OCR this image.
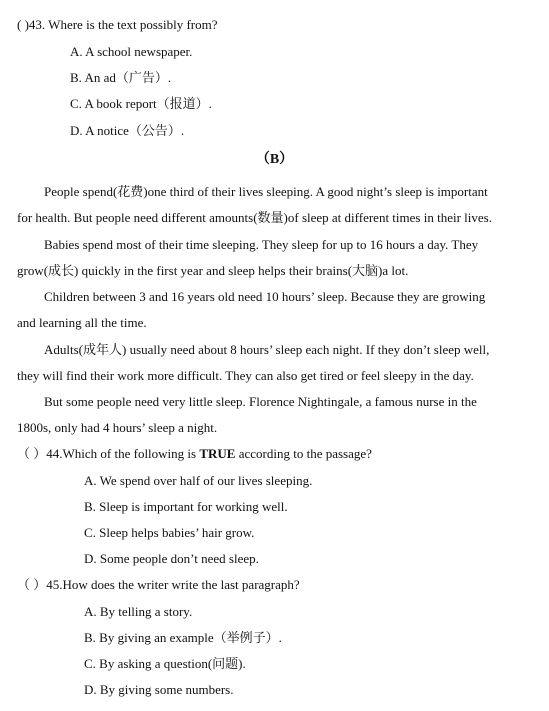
( )43. Where is the text possibly from?
A. A school newspaper.
B. An ad（广告）.
C. A book report（报道）.
D. A notice（公告）.
（B）
People spend(花费)one third of their lives sleeping. A good night’s sleep is important
for health. But people need different amounts(数量)of sleep at different times in their lives.
Babies spend most of their time sleeping. They sleep for up to 16 hours a day. They
grow(成长) quickly in the first year and sleep helps their brains(大脑)a lot.
Children between 3 and 16 years old need 10 hours’ sleep. Because they are growing
and learning all the time.
Adults(成年人) usually need about 8 hours’ sleep each night. If they don’t sleep well,
they will find their work more difficult. They can also get tired or feel sleepy in the day.
But some people need very little sleep. Florence Nightingale, a famous nurse in the
1800s, only had 4 hours’ sleep a night.
（ ）44.Which of the following is TRUE according to the passage?
A. We spend over half of our lives sleeping.
B. Sleep is important for working well.
C. Sleep helps babies’ hair grow.
D. Some people don’t need sleep.
（ ）45.How does the writer write the last paragraph?
A. By telling a story.
B. By giving an example（举例子）.
C. By asking a question(问题).
D. By giving some numbers.
